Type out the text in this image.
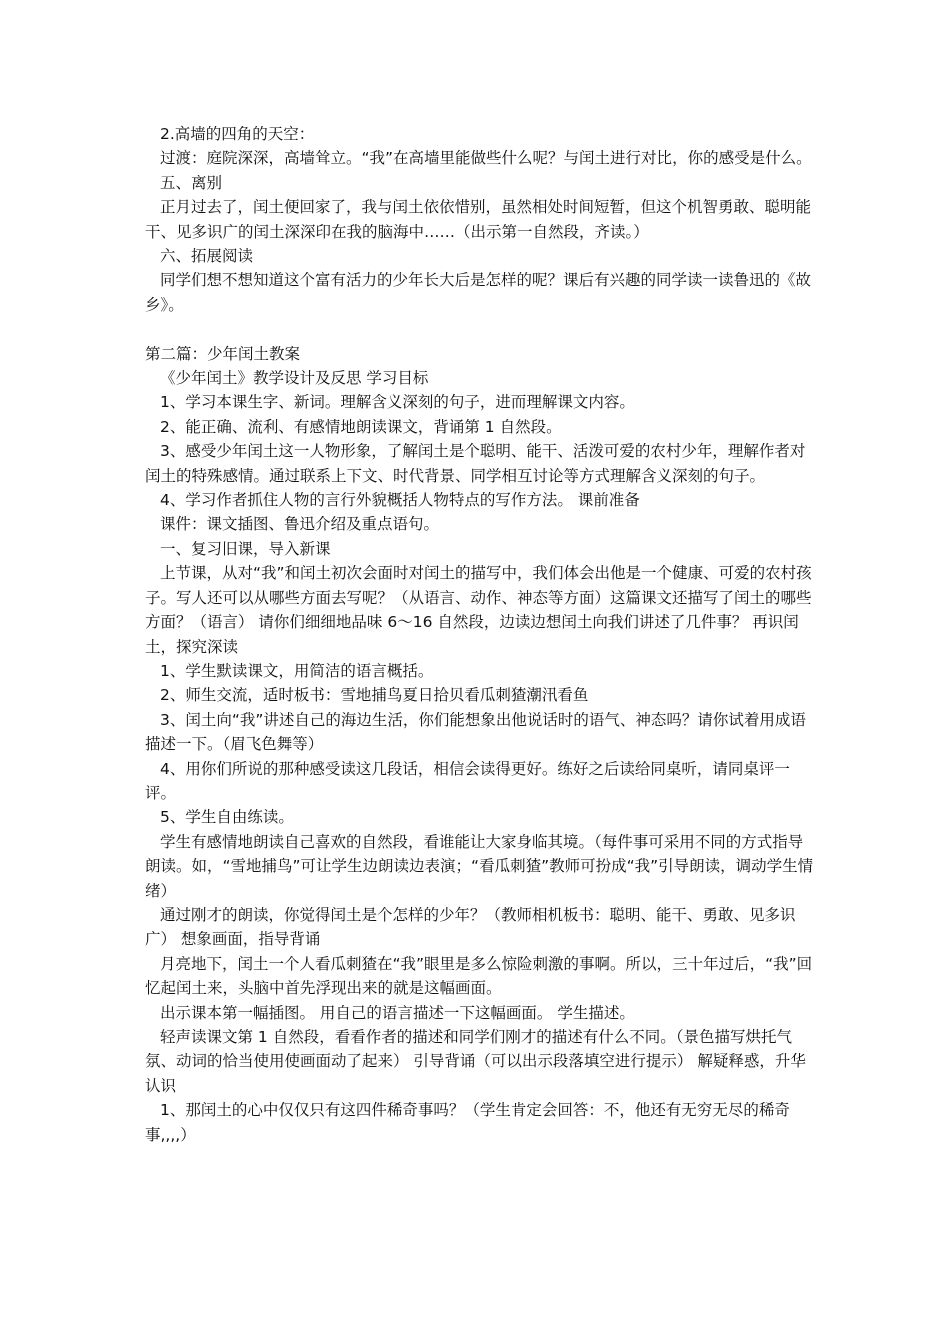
2.高墙的四角的天空：

过渡：庭院深深，高墙耸立。“我”在高墙里能做些什么呢？与闰土进行对比，你的感受是什么。

五、离别

正月过去了，闰土便回家了，我与闰土依依惜别，虽然相处时间短暂，但这个机智勇敢、聪明能干、见多识广的闰土深深印在我的脑海中……（出示第一自然段，齐读。）

六、拓展阅读

同学们想不想知道这个富有活力的少年长大后是怎样的呢？课后有兴趣的同学读一读鲁迅的《故乡》。

第二篇：少年闰土教案

《少年闰土》教学设计及反思 学习目标

1、学习本课生字、新词。理解含义深刻的句子，进而理解课文内容。

2、能正确、流利、有感情地朗读课文，背诵第 1 自然段。

3、感受少年闰土这一人物形象，了解闰土是个聪明、能干、活泼可爱的农村少年，理解作者对闰土的特殊感情。通过联系上下文、时代背景、同学相互讨论等方式理解含义深刻的句子。

4、学习作者抓住人物的言行外貌概括人物特点的写作方法。 课前准备

课件：课文插图、鲁迅介绍及重点语句。

一、复习旧课，导入新课

上节课，从对“我”和闰土初次会面时对闰土的描写中，我们体会出他是一个健康、可爱的农村孩子。写人还可以从哪些方面去写呢？（从语言、动作、神态等方面）这篇课文还描写了闰土的哪些方面？（语言） 请你们细细地品味 6～16 自然段，边读边想闰土向我们讲述了几件事？ 再识闰土，探究深读

1、学生默读课文，用简洁的语言概括。

2、师生交流，适时板书：雪地捕鸟夏日拾贝看瓜刺猹潮汛看鱼

3、闰土向“我”讲述自己的海边生活，你们能想象出他说话时的语气、神态吗？请你试着用成语描述一下。（眉飞色舞等）

4、用你们所说的那种感受读这几段话，相信会读得更好。练好之后读给同桌听，请同桌评一评。

5、学生自由练读。

学生有感情地朗读自己喜欢的自然段，看谁能让大家身临其境。（每件事可采用不同的方式指导朗读。如，“雪地捕鸟”可让学生边朗读边表演；“看瓜刺猹”教师可扮成“我”引导朗读，调动学生情绪）

通过刚才的朗读，你觉得闰土是个怎样的少年？（教师相机板书：聪明、能干、勇敢、见多识广） 想象画面，指导背诵

月亮地下，闰土一个人看瓜刺猹在“我”眼里是多么惊险刺激的事啊。所以，三十年过后，“我”回忆起闰土来，头脑中首先浮现出来的就是这幅画面。

出示课本第一幅插图。 用自己的语言描述一下这幅画面。 学生描述。

轻声读课文第 1 自然段，看看作者的描述和同学们刚才的描述有什么不同。（景色描写烘托气氛、动词的恰当使用使画面动了起来） 引导背诵（可以出示段落填空进行提示） 解疑释惑，升华认识

1、那闰土的心中仅仅只有这四件稀奇事吗？（学生肯定会回答：不，他还有无穷无尽的稀奇事,,,,）
